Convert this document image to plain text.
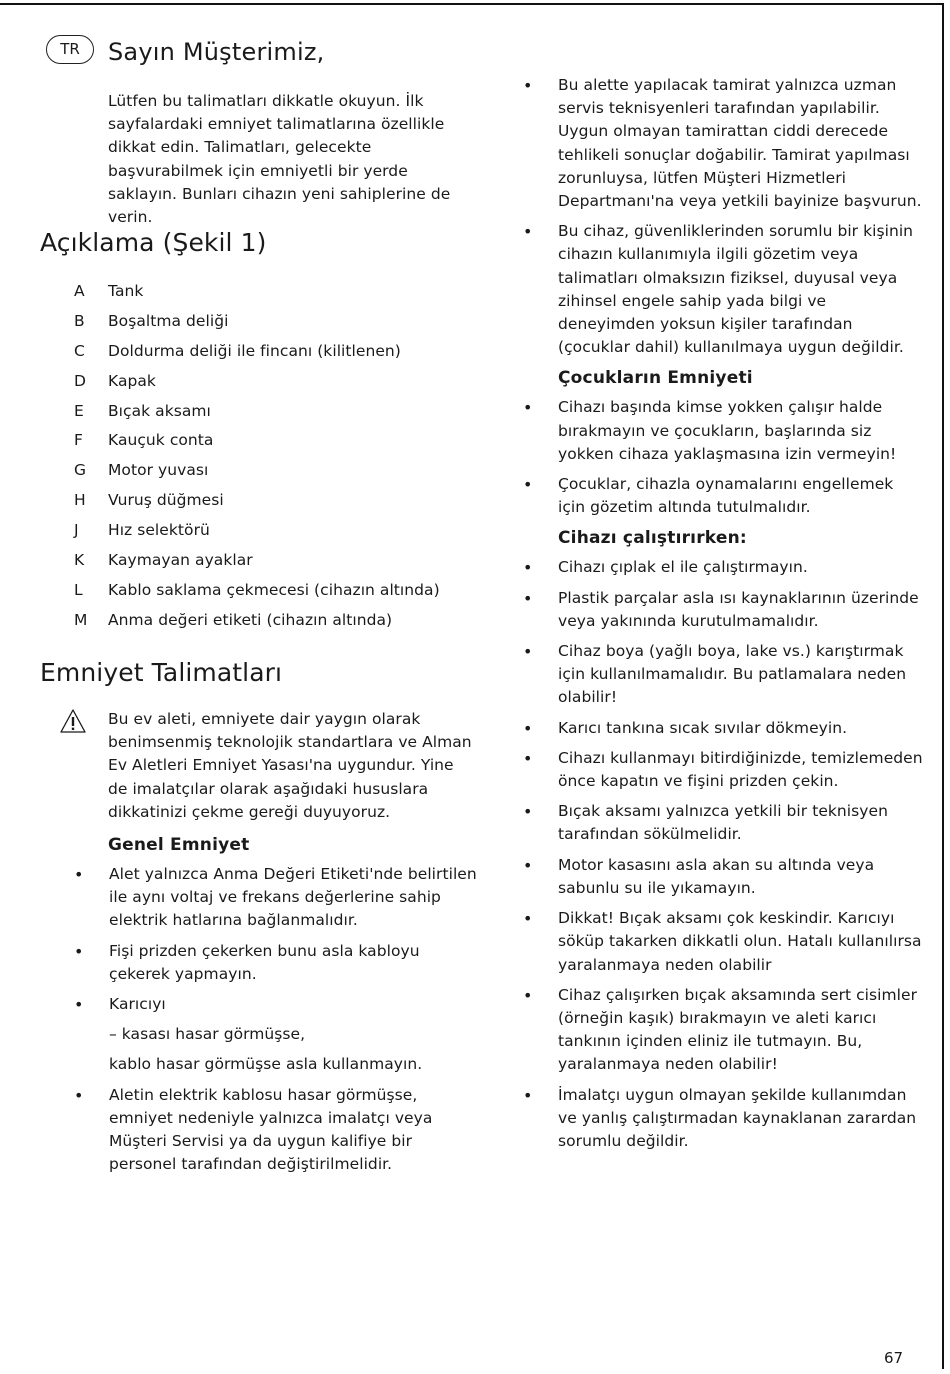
TR	Sayın Müşterimiz,

Lütfen bu talimatları dikkatle okuyun. İlk sayfalardaki emniyet talimatlarına özellikle dikkat edin. Talimatları, gelecekte başvurabilmek için emniyetli bir yerde saklayın. Bunları cihazın yeni sahiplerine de verin.

Açıklama (Şekil 1)
A	Tank
B	Boşaltma deliği
C	Doldurma deliği ile fincanı (kilitlenen)
D	Kapak
E	Bıçak aksamı
F	Kauçuk conta
G	Motor yuvası
H	Vuruş düğmesi
J	Hız selektörü
K	Kaymayan ayaklar
L	Kablo saklama çekmecesi (cihazın altında)
M	Anma değeri etiketi (cihazın altında)
Emniyet Talimatları

Bu ev aleti, emniyete dair yaygın olarak benimsenmiş teknolojik standartlara ve Alman Ev Aletleri Emniyet Yasası'na uygundur. Yine de imalatçılar olarak aşağıdaki hususlara dikkatinizi çekme gereği duyuyoruz.

Genel Emniyet
• Alet yalnızca Anma Değeri Etiketi'nde belirtilen ile aynı voltaj ve frekans değerlerine sahip elektrik hatlarına bağlanmalıdır.
• Fişi prizden çekerken bunu asla kabloyu çekerek yapmayın.
• Karıcıyı
– kasası hasar görmüşse,
kablo hasar görmüşse asla kullanmayın.
• Aletin elektrik kablosu hasar görmüşse, emniyet nedeniyle yalnızca imalatçı veya Müşteri Servisi ya da uygun kalifiye bir personel tarafından değiştirilmelidir.
• Bu alette yapılacak tamirat yalnızca uzman servis teknisyenleri tarafından yapılabilir. Uygun olmayan tamirattan ciddi derecede tehlikeli sonuçlar doğabilir. Tamirat yapılması zorunluysa, lütfen Müşteri Hizmetleri Departmanı'na veya yetkili bayinize başvurun.
• Bu cihaz, güvenliklerinden sorumlu bir kişinin cihazın kullanımıyla ilgili gözetim veya talimatları olmaksızın fiziksel, duyusal veya zihinsel engele sahip yada bilgi ve deneyimden yoksun kişiler tarafından (çocuklar dahil) kullanılmaya uygun değildir.
Çocukların Emniyeti
• Cihazı başında kimse yokken çalışır halde bırakmayın ve çocukların, başlarında siz yokken cihaza yaklaşmasına izin vermeyin!
• Çocuklar, cihazla oynamalarını engellemek için gözetim altında tutulmalıdır.
Cihazı çalıştırırken:
• Cihazı çıplak el ile çalıştırmayın.
• Plastik parçalar asla ısı kaynaklarının üzerinde veya yakınında kurutulmamalıdır.
• Cihaz boya (yağlı boya, lake vs.) karıştırmak için kullanılmamalıdır. Bu patlamalara neden olabilir!
• Karıcı tankına sıcak sıvılar dökmeyin.
• Cihazı kullanmayı bitirdiğinizde, temizlemeden önce kapatın ve fişini prizden çekin.
• Bıçak aksamı yalnızca yetkili bir teknisyen tarafından sökülmelidir.
• Motor kasasını asla akan su altında veya sabunlu su ile yıkamayın.
• Dikkat! Bıçak aksamı çok keskindir. Karıcıyı söküp takarken dikkatli olun. Hatalı kullanılırsa yaralanmaya neden olabilir
• Cihaz çalışırken bıçak aksamında sert cisimler (örneğin kaşık) bırakmayın ve aleti karıcı tankının içinden eliniz ile tutmayın. Bu, yaralanmaya neden olabilir!
• İmalatçı uygun olmayan şekilde kullanımdan ve yanlış çalıştırmadan kaynaklanan zarardan sorumlu değildir.
67
